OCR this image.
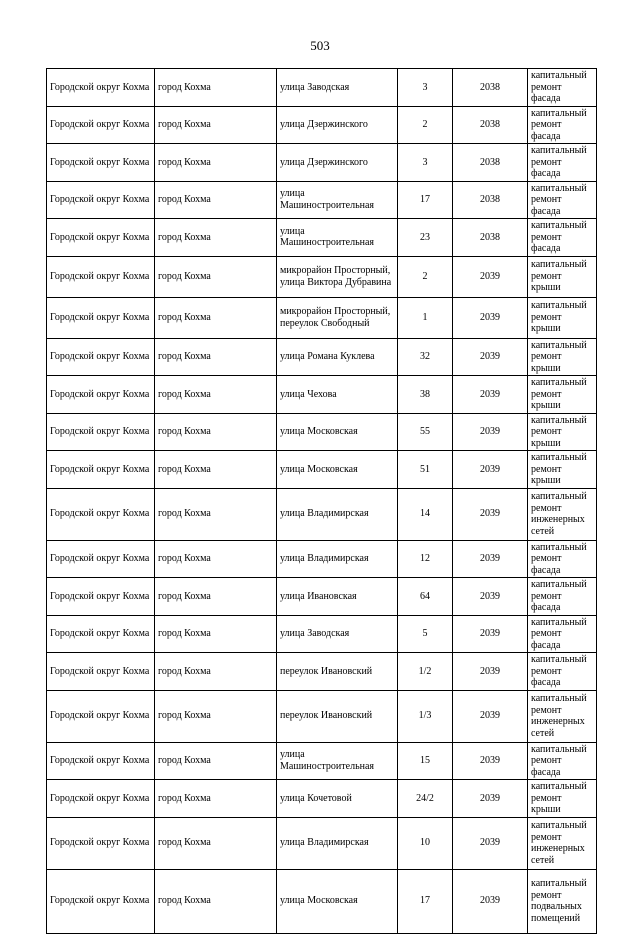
503
Городской округ Кохма	город Кохма	улица Заводская	3	2038	капитальный ремонт фасада
Городской округ Кохма	город Кохма	улица Дзержинского	2	2038	капитальный ремонт фасада
Городской округ Кохма	город Кохма	улица Дзержинского	3	2038	капитальный ремонт фасада
Городской округ Кохма	город Кохма	улица Машиностроительная	17	2038	капитальный ремонт фасада
Городской округ Кохма	город Кохма	улица Машиностроительная	23	2038	капитальный ремонт фасада
Городской округ Кохма	город Кохма	микрорайон Просторный, улица Виктора Дубравина	2	2039	капитальный ремонт крыши
Городской округ Кохма	город Кохма	микрорайон Просторный, переулок Свободный	1	2039	капитальный ремонт крыши
Городской округ Кохма	город Кохма	улица Романа Куклева	32	2039	капитальный ремонт крыши
Городской округ Кохма	город Кохма	улица Чехова	38	2039	капитальный ремонт крыши
Городской округ Кохма	город Кохма	улица Московская	55	2039	капитальный ремонт крыши
Городской округ Кохма	город Кохма	улица Московская	51	2039	капитальный ремонт крыши
Городской округ Кохма	город Кохма	улица Владимирская	14	2039	капитальный ремонт инженерных сетей
Городской округ Кохма	город Кохма	улица Владимирская	12	2039	капитальный ремонт фасада
Городской округ Кохма	город Кохма	улица Ивановская	64	2039	капитальный ремонт фасада
Городской округ Кохма	город Кохма	улица Заводская	5	2039	капитальный ремонт фасада
Городской округ Кохма	город Кохма	переулок Ивановский	1/2	2039	капитальный ремонт фасада
Городской округ Кохма	город Кохма	переулок Ивановский	1/3	2039	капитальный ремонт инженерных сетей
Городской округ Кохма	город Кохма	улица Машиностроительная	15	2039	капитальный ремонт фасада
Городской округ Кохма	город Кохма	улица Кочетовой	24/2	2039	капитальный ремонт крыши
Городской округ Кохма	город Кохма	улица Владимирская	10	2039	капитальный ремонт инженерных сетей
Городской округ Кохма	город Кохма	улица Московская	17	2039	капитальный ремонт подвальных помещений
